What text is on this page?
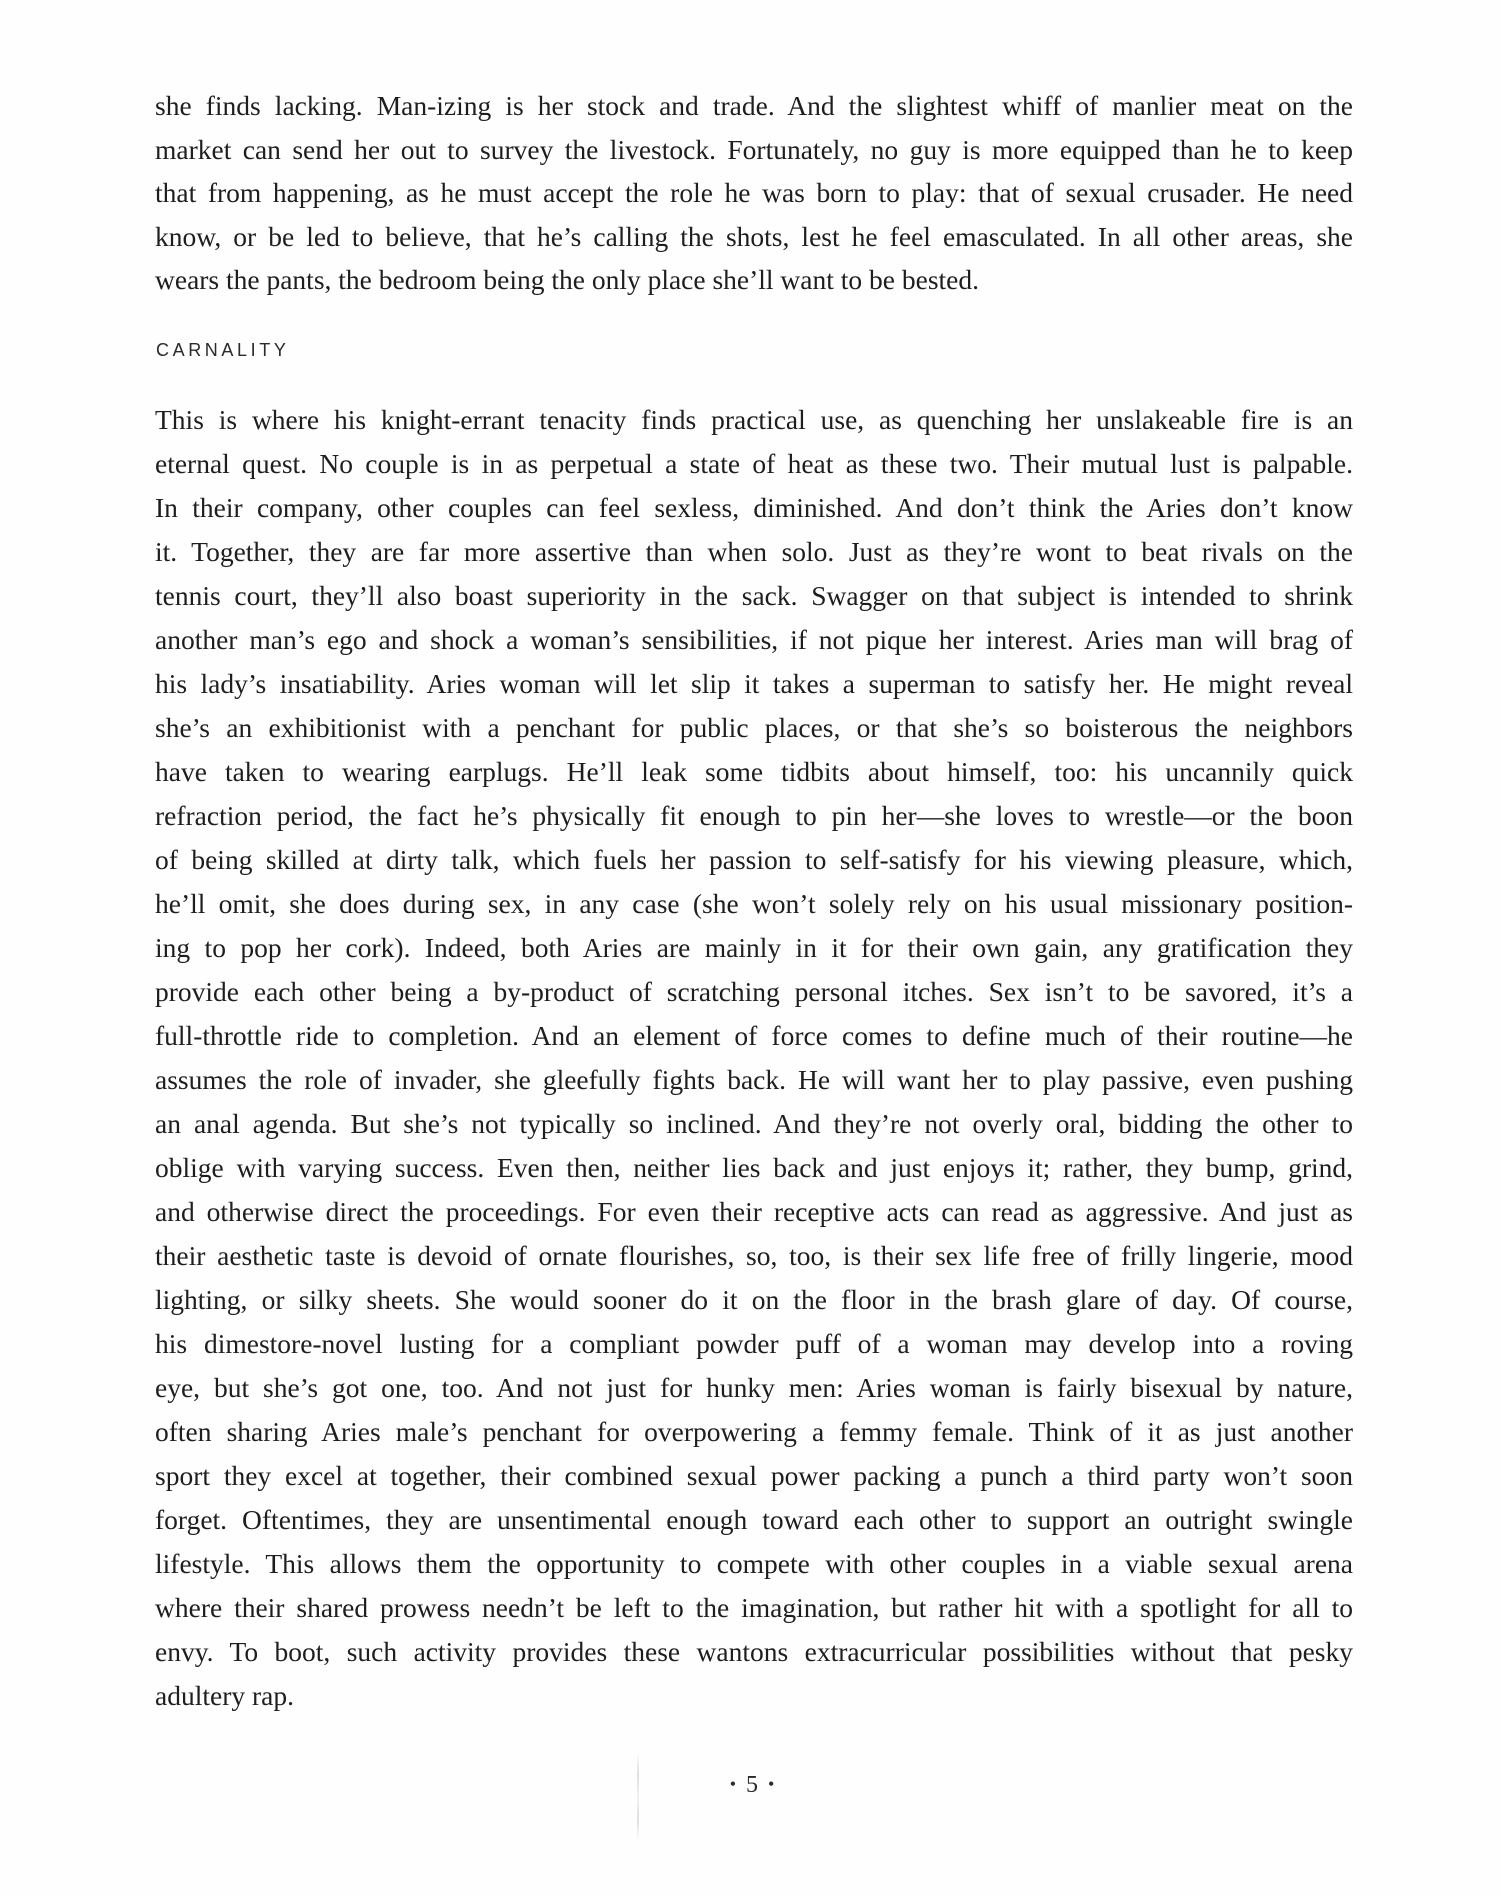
she finds lacking. Man-izing is her stock and trade. And the slightest whiff of manlier meat on the
market can send her out to survey the livestock. Fortunately, no guy is more equipped than he to keep
that from happening, as he must accept the role he was born to play: that of sexual crusader. He need
know, or be led to believe, that he’s calling the shots, lest he feel emasculated. In all other areas, she
wears the pants, the bedroom being the only place she’ll want to be bested.
CARNALITY
This is where his knight-errant tenacity finds practical use, as quenching her unslakeable fire is an
eternal quest. No couple is in as perpetual a state of heat as these two. Their mutual lust is palpable.
In their company, other couples can feel sexless, diminished. And don’t think the Aries don’t know
it. Together, they are far more assertive than when solo. Just as they’re wont to beat rivals on the
tennis court, they’ll also boast superiority in the sack. Swagger on that subject is intended to shrink
another man’s ego and shock a woman’s sensibilities, if not pique her interest. Aries man will brag of
his lady’s insatiability. Aries woman will let slip it takes a superman to satisfy her. He might reveal
she’s an exhibitionist with a penchant for public places, or that she’s so boisterous the neighbors
have taken to wearing earplugs. He’ll leak some tidbits about himself, too: his uncannily quick
refraction period, the fact he’s physically fit enough to pin her—she loves to wrestle—or the boon
of being skilled at dirty talk, which fuels her passion to self-satisfy for his viewing pleasure, which,
he’ll omit, she does during sex, in any case (she won’t solely rely on his usual missionary position-
ing to pop her cork). Indeed, both Aries are mainly in it for their own gain, any gratification they
provide each other being a by-product of scratching personal itches. Sex isn’t to be savored, it’s a
full-throttle ride to completion. And an element of force comes to define much of their routine—he
assumes the role of invader, she gleefully fights back. He will want her to play passive, even pushing
an anal agenda. But she’s not typically so inclined. And they’re not overly oral, bidding the other to
oblige with varying success. Even then, neither lies back and just enjoys it; rather, they bump, grind,
and otherwise direct the proceedings. For even their receptive acts can read as aggressive. And just as
their aesthetic taste is devoid of ornate flourishes, so, too, is their sex life free of frilly lingerie, mood
lighting, or silky sheets. She would sooner do it on the floor in the brash glare of day. Of course,
his dimestore-novel lusting for a compliant powder puff of a woman may develop into a roving
eye, but she’s got one, too. And not just for hunky men: Aries woman is fairly bisexual by nature,
often sharing Aries male’s penchant for overpowering a femmy female. Think of it as just another
sport they excel at together, their combined sexual power packing a punch a third party won’t soon
forget. Oftentimes, they are unsentimental enough toward each other to support an outright swingle
lifestyle. This allows them the opportunity to compete with other couples in a viable sexual arena
where their shared prowess needn’t be left to the imagination, but rather hit with a spotlight for all to
envy. To boot, such activity provides these wantons extracurricular possibilities without that pesky
adultery rap.
• 5 •
